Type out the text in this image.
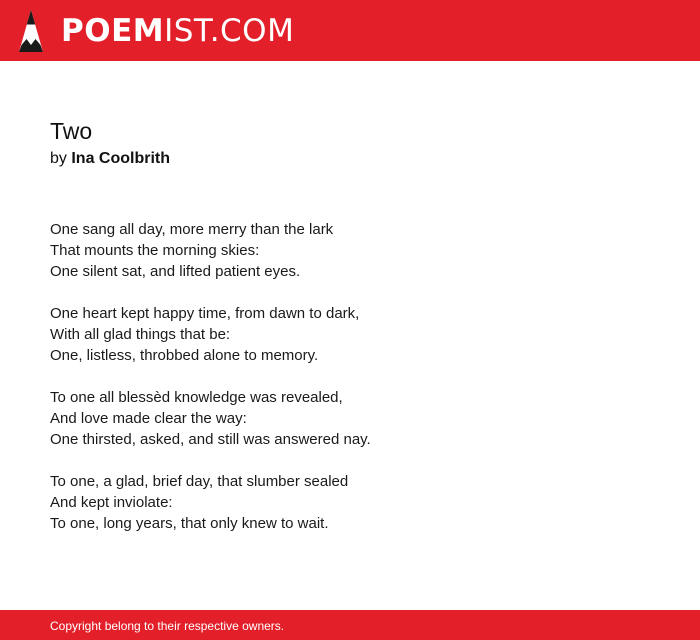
POEMIST.COM
Two
by Ina Coolbrith
One sang all day, more merry than the lark
That mounts the morning skies:
One silent sat, and lifted patient eyes.
One heart kept happy time, from dawn to dark,
With all glad things that be:
One, listless, throbbed alone to memory.
To one all blessèd knowledge was revealed,
And love made clear the way:
One thirsted, asked, and still was answered nay.
To one, a glad, brief day, that slumber sealed
And kept inviolate:
To one, long years, that only knew to wait.
Copyright belong to their respective owners.
